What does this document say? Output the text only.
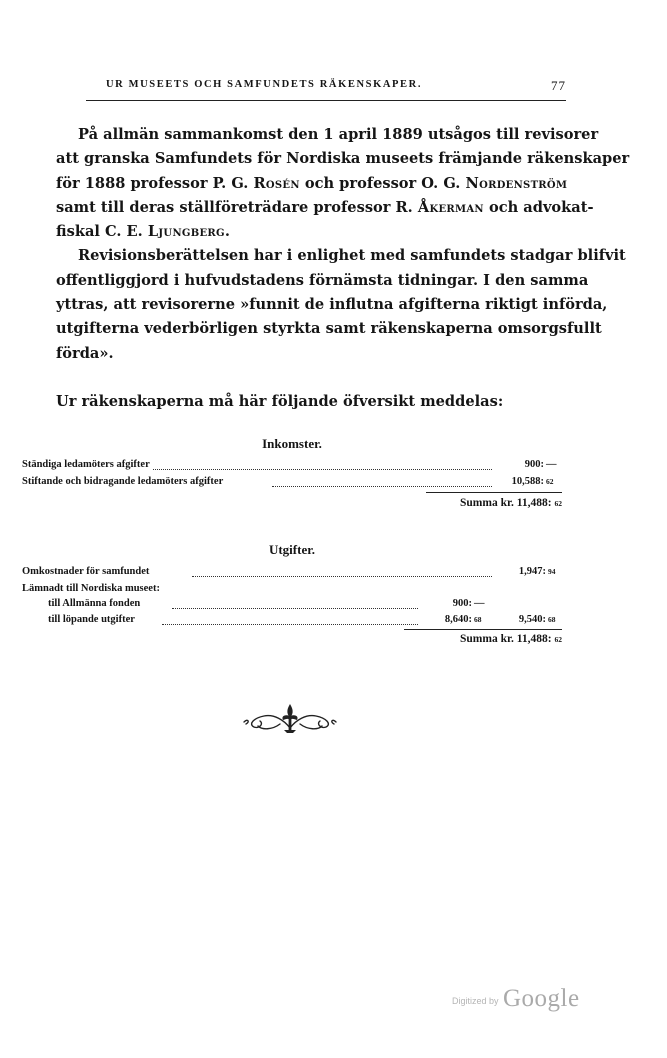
UR MUSEETS OCH SAMFUNDETS RÄKENSKAPER.	77
På allmän sammankomst den 1 april 1889 utsågos till revisorer
att granska Samfundets för Nordiska museets främjande räkenskaper
för 1888 professor P. G. Rosén och professor O. G. Nordenström
samt till deras ställföreträdare professor R. Åkerman och advokat-
fiskal C. E. Ljungberg.
Revisionsberättelsen har i enlighet med samfundets stadgar blifvit
offentliggjord i hufvudstadens förnämsta tidningar. I den samma
yttras, att revisorerne »funnit de influtna afgifterna riktigt införda,
utgifterna vederbörligen styrkta samt räkenskaperna omsorgsfullt
förda».
Ur räkenskaperna må här följande öfversikt meddelas:
Inkomster.
Ständiga ledamöters afgifter	900: —
Stiftande och bidragande ledamöters afgifter	10,588: 62
Summa kr. 11,488: 62
Utgifter.
Omkostnader för samfundet	1,947: 94
Lämnadt till Nordiska museet:
till Allmänna fonden	900: —
till löpande utgifter	8,640: 68	9,540: 68
Summa kr. 11,488: 62
Digitized by Google
